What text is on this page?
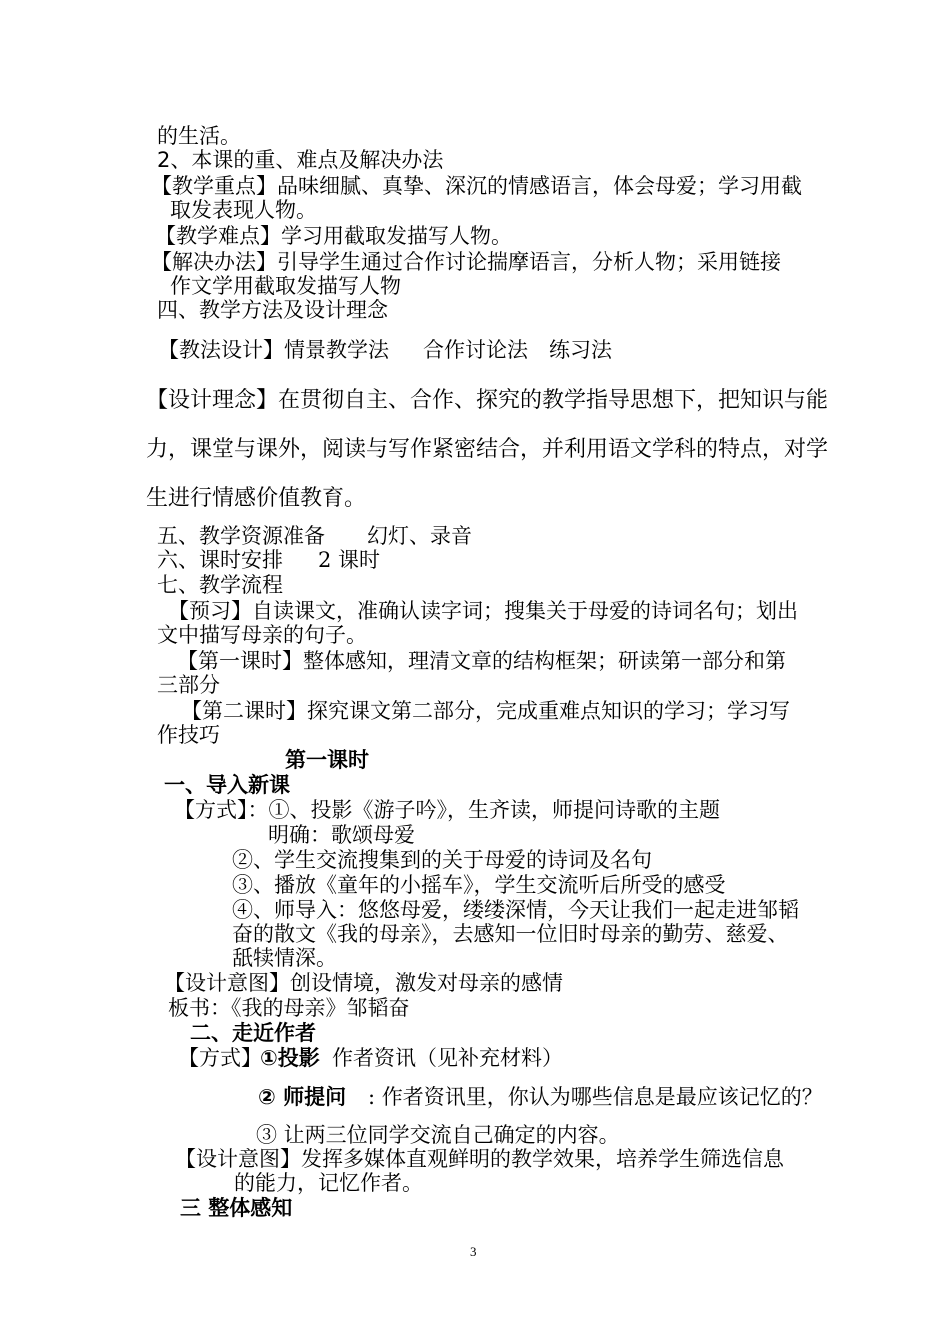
的生活。
2、本课的重、难点及解决办法
【教学重点】品味细腻、真挚、深沉的情感语言，体会母爱；学习用截
取发表现人物。
【教学难点】学习用截取发描写人物。
【解决办法】引导学生通过合作讨论揣摩语言，分析人物；采用链接
作文学用截取发描写人物
四、教学方法及设计理念
【教法设计】情景教学法 合作讨论法　练习法
【设计理念】在贯彻自主、合作、探究的教学指导思想下，把知识与能
力，课堂与课外，阅读与写作紧密结合，并利用语文学科的特点，对学
生进行情感价值教育。
五、教学资源准备　　幻灯、录音
六、课时安排 2 课时
七、教学流程
【预习】自读课文，准确认读字词；搜集关于母爱的诗词名句；划出
文中描写母亲的句子。
【第一课时】整体感知，理清文章的结构框架；研读第一部分和第
三部分
【第二课时】探究课文第二部分，完成重难点知识的学习；学习写
作技巧
第一课时
一、导入新课
【方式】：①、投影《游子吟》，生齐读，师提问诗歌的主题
明确：歌颂母爱
②、学生交流搜集到的关于母爱的诗词及名句
③、播放《童年的小摇车》，学生交流听后所受的感受
④、师导入：悠悠母爱，缕缕深情，今天让我们一起走进邹韬
奋的散文《我的母亲》，去感知一位旧时母亲的勤劳、慈爱、
舐犊情深。
【设计意图】创设情境，激发对母亲的感情
板书：《我的母亲》邹韬奋
二、走近作者
【方式】
①投影 作者资讯（见补充材料）
② 师提问 : 作者资讯里，你认为哪些信息是最应该记忆的？
③ 让两三位同学交流自己确定的内容。
【设计意图】发挥多媒体直观鲜明的教学效果，培养学生筛选信息
的能力，记忆作者。
三 整体感知
3
